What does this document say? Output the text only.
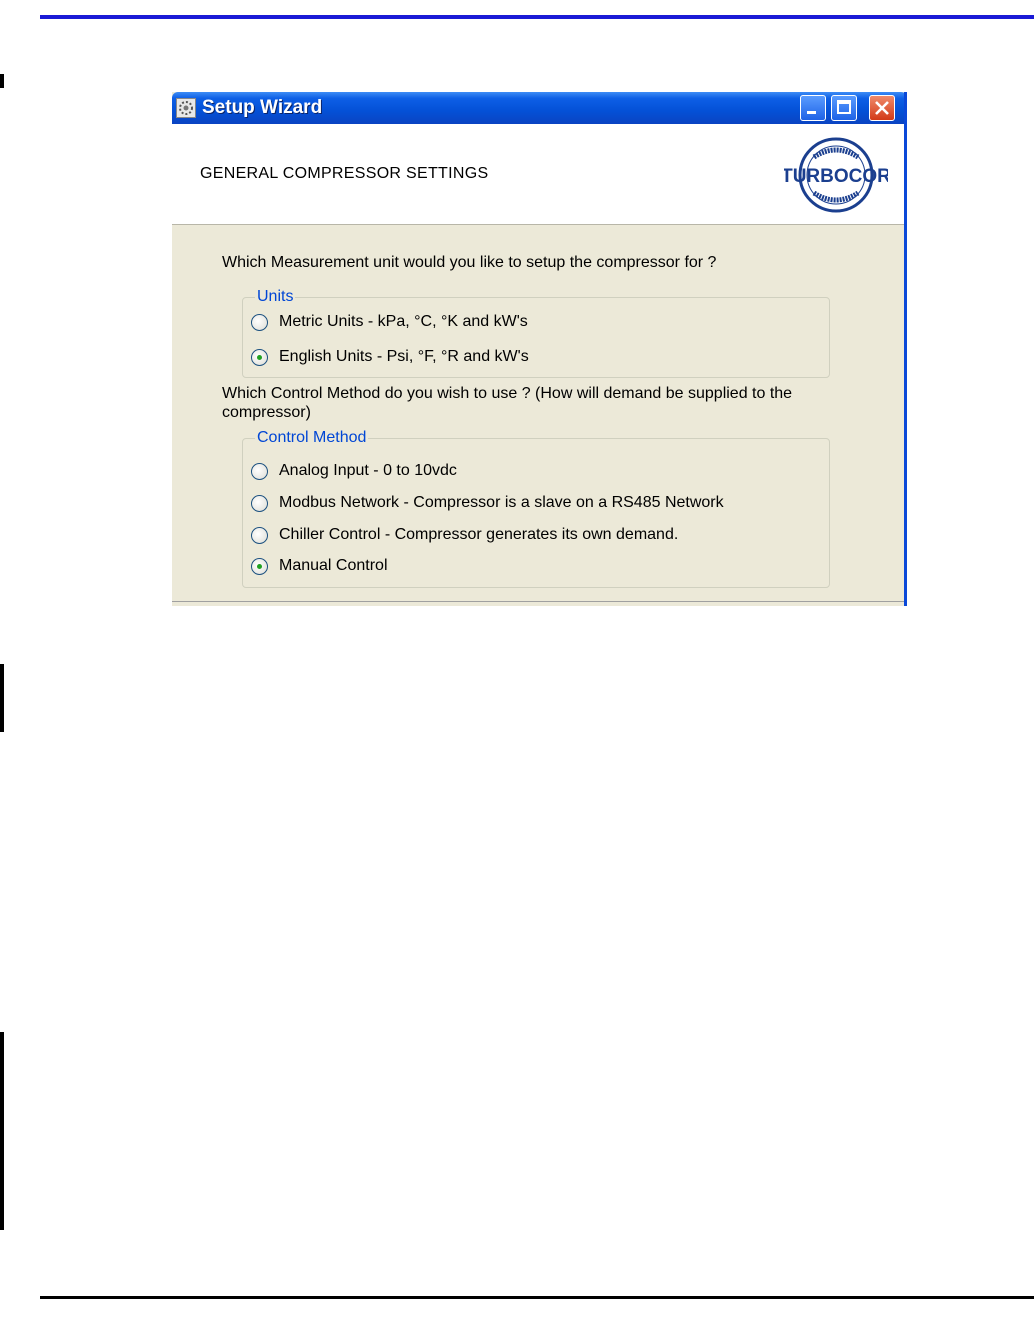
Setup Wizard
GENERAL COMPRESSOR SETTINGS	TURBOCOR
Which Measurement unit would you like to setup the compressor for ?
Units
Metric Units - kPa, °C, °K and kW's
English Units - Psi, °F, °R and kW's
Which Control Method do you wish to use ? (How will demand be supplied to the compressor)
Control Method
Analog Input - 0 to 10vdc
Modbus Network - Compressor is a slave on a RS485 Network
Chiller Control - Compressor generates its own demand.
Manual Control
